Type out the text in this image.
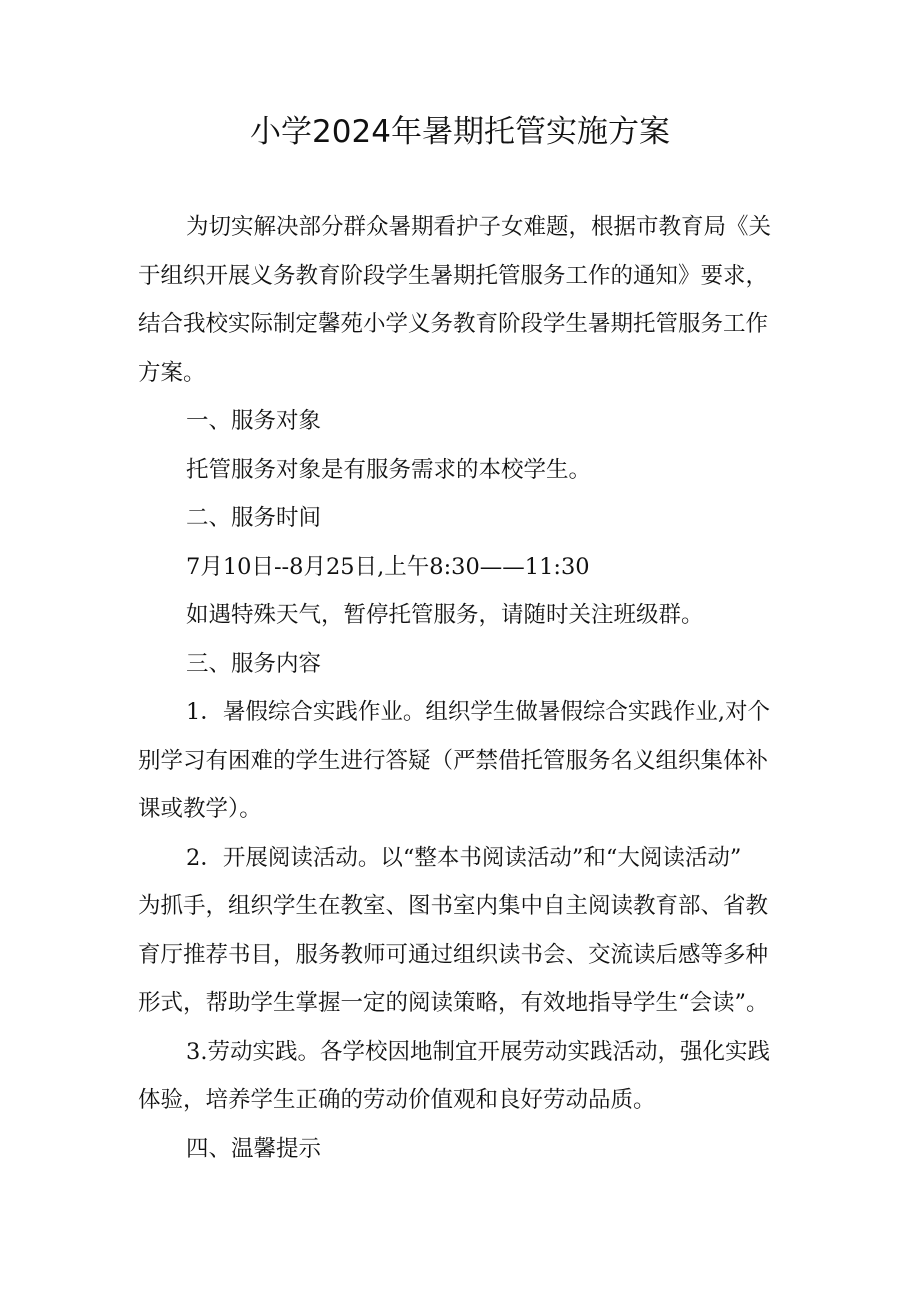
小学2024年暑期托管实施方案
为切实解决部分群众暑期看护子女难题，根据市教育局《关
于组织开展义务教育阶段学生暑期托管服务工作的通知》要求，
结合我校实际制定馨苑小学义务教育阶段学生暑期托管服务工作
方案。
一、服务对象
托管服务对象是有服务需求的本校学生。
二、服务时间
7月10日--8月25日,上午8:30——11:30
如遇特殊天气，暂停托管服务，请随时关注班级群。
三、服务内容
1．暑假综合实践作业。组织学生做暑假综合实践作业,对个
别学习有困难的学生进行答疑（严禁借托管服务名义组织集体补
课或教学）。
2．开展阅读活动。以“整本书阅读活动”和“大阅读活动”
为抓手，组织学生在教室、图书室内集中自主阅读教育部、省教
育厅推荐书目，服务教师可通过组织读书会、交流读后感等多种
形式，帮助学生掌握一定的阅读策略，有效地指导学生“会读”。
3.劳动实践。各学校因地制宜开展劳动实践活动，强化实践
体验，培养学生正确的劳动价值观和良好劳动品质。
四、温馨提示
